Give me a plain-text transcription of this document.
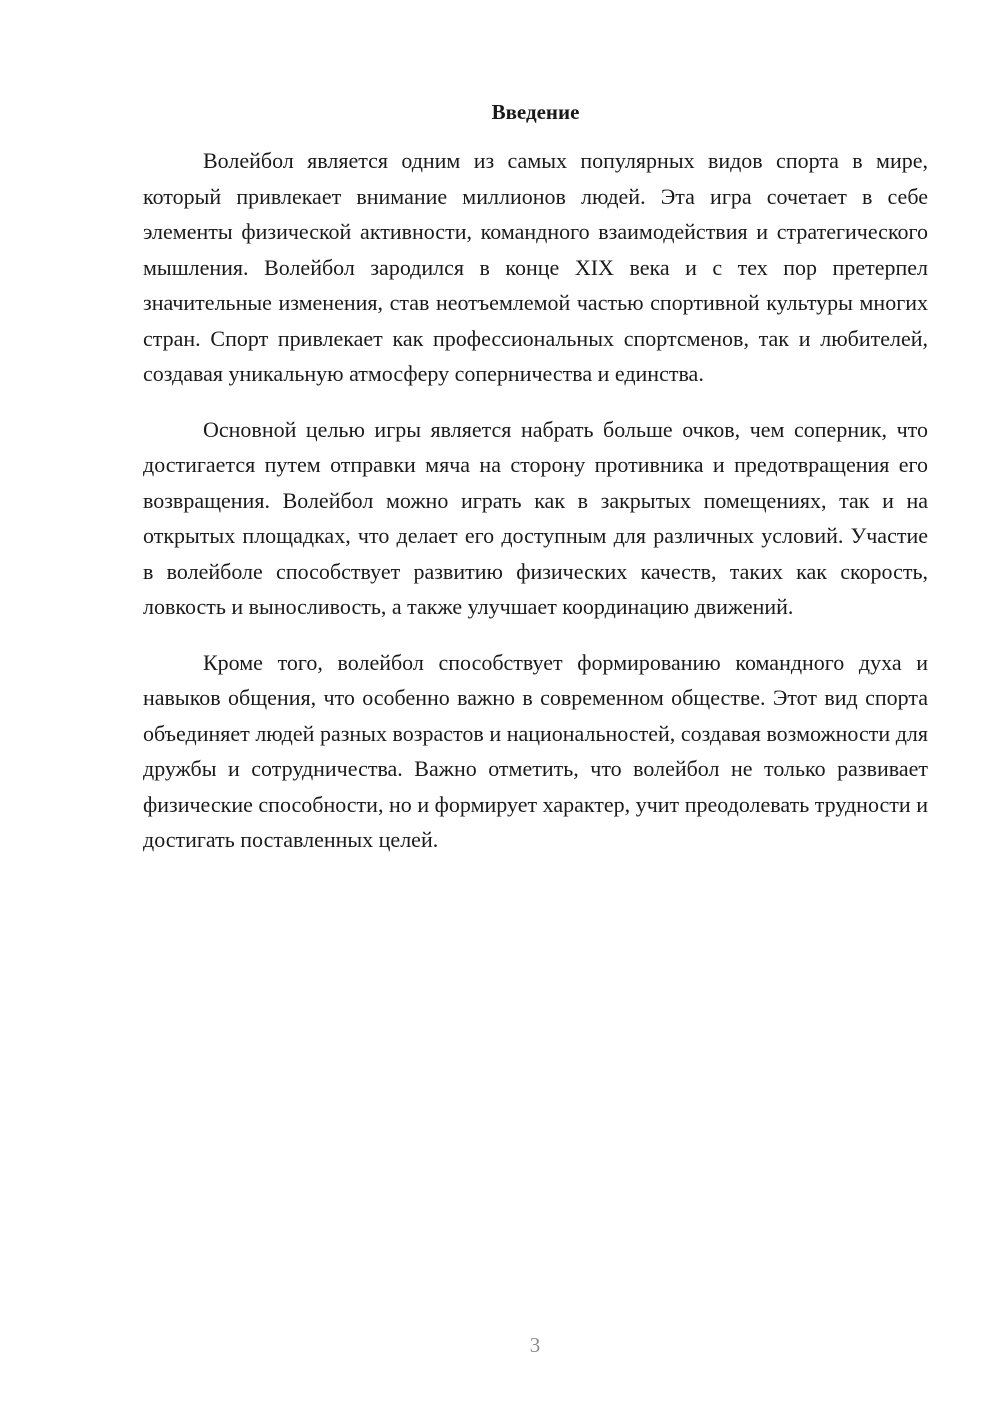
Введение

Волейбол является одним из самых популярных видов спорта в мире, который привлекает внимание миллионов людей. Эта игра сочетает в себе элементы физической активности, командного взаимодействия и стратегического мышления. Волейбол зародился в конце XIX века и с тех пор претерпел значительные изменения, став неотъемлемой частью спортивной культуры многих стран. Спорт привлекает как профессиональных спортсменов, так и любителей, создавая уникальную атмосферу соперничества и единства.

Основной целью игры является набрать больше очков, чем соперник, что достигается путем отправки мяча на сторону противника и предотвращения его возвращения. Волейбол можно играть как в закрытых помещениях, так и на открытых площадках, что делает его доступным для различных условий. Участие в волейболе способствует развитию физических качеств, таких как скорость, ловкость и выносливость, а также улучшает координацию движений.

Кроме того, волейбол способствует формированию командного духа и навыков общения, что особенно важно в современном обществе. Этот вид спорта объединяет людей разных возрастов и национальностей, создавая возможности для дружбы и сотрудничества. Важно отметить, что волейбол не только развивает физические способности, но и формирует характер, учит преодолевать трудности и достигать поставленных целей.

3
